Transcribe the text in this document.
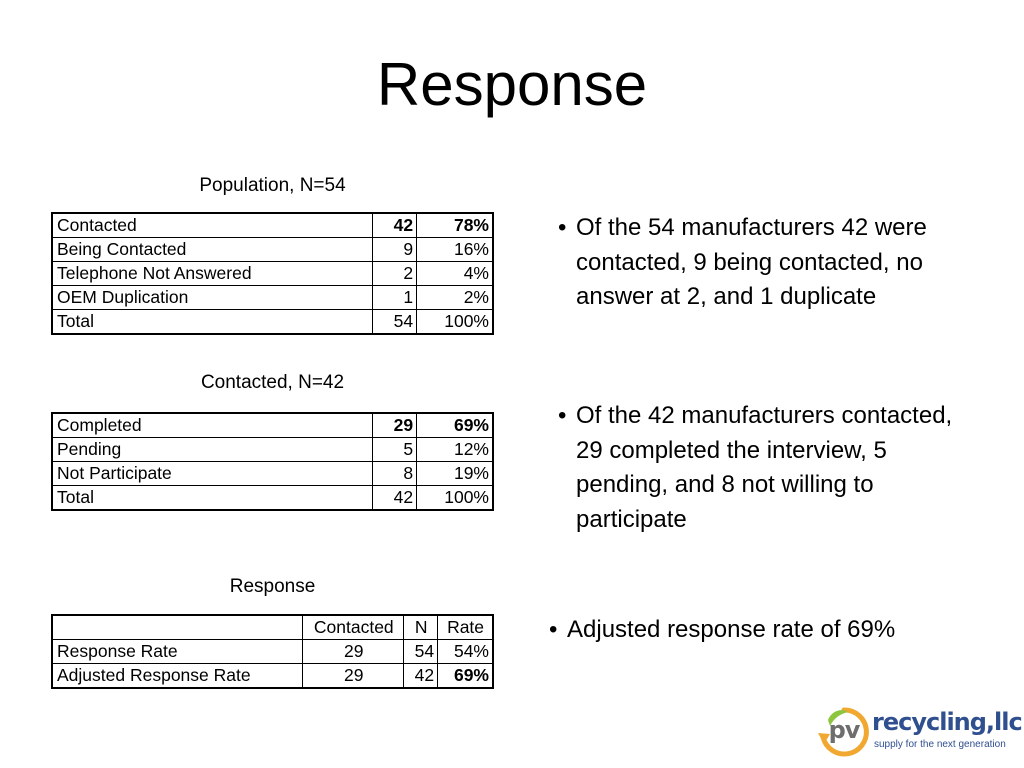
Response
Population, N=54
Contacted	42	78%
Being Contacted	9	16%
Telephone Not Answered	2	4%
OEM Duplication	1	2%
Total	54	100%
Contacted, N=42
Completed	29	69%
Pending	5	12%
Not Participate	8	19%
Total	42	100%
Response
	Contacted	N	Rate
Response Rate	29	54	54%
Adjusted Response Rate	29	42	69%
• Of the 54 manufacturers 42 were contacted, 9 being contacted, no answer at 2, and 1 duplicate
• Of the 42 manufacturers contacted, 29 completed the interview, 5 pending, and 8 not willing to participate
• Adjusted response rate of 69%
pv recycling,llc
supply for the next generation
